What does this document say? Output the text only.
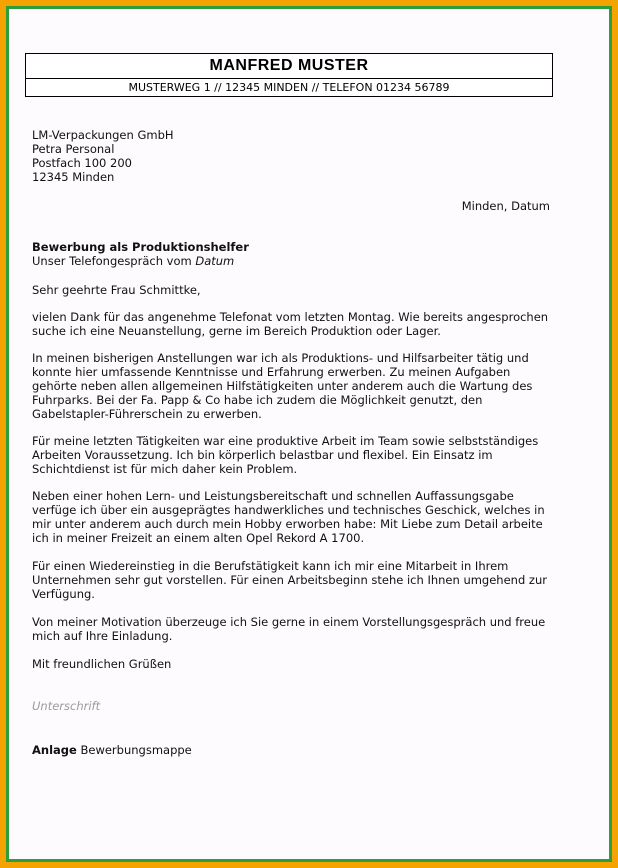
MANFRED MUSTER
MUSTERWEG 1 // 12345 MINDEN // TELEFON 01234 56789

LM-Verpackungen GmbH

Petra Personal

Postfach 100 200

12345 Minden

Minden, Datum

Bewerbung als Produktionshelfer

Unser Telefongespräch vom Datum

Sehr geehrte Frau Schmittke,

vielen Dank für das angenehme Telefonat vom letzten Montag. Wie bereits angesprochen

suche ich eine Neuanstellung, gerne im Bereich Produktion oder Lager.

In meinen bisherigen Anstellungen war ich als Produktions- und Hilfsarbeiter tätig und

konnte hier umfassende Kenntnisse und Erfahrung erwerben. Zu meinen Aufgaben

gehörte neben allen allgemeinen Hilfstätigkeiten unter anderem auch die Wartung des

Fuhrparks. Bei der Fa. Papp & Co habe ich zudem die Möglichkeit genutzt, den

Gabelstapler-Führerschein zu erwerben.

Für meine letzten Tätigkeiten war eine produktive Arbeit im Team sowie selbstständiges

Arbeiten Voraussetzung. Ich bin körperlich belastbar und flexibel. Ein Einsatz im

Schichtdienst ist für mich daher kein Problem.

Neben einer hohen Lern- und Leistungsbereitschaft und schnellen Auffassungsgabe

verfüge ich über ein ausgeprägtes handwerkliches und technisches Geschick, welches in

mir unter anderem auch durch mein Hobby erworben habe: Mit Liebe zum Detail arbeite

ich in meiner Freizeit an einem alten Opel Rekord A 1700.

Für einen Wiedereinstieg in die Berufstätigkeit kann ich mir eine Mitarbeit in Ihrem

Unternehmen sehr gut vorstellen. Für einen Arbeitsbeginn stehe ich Ihnen umgehend zur

Verfügung.

Von meiner Motivation überzeuge ich Sie gerne in einem Vorstellungsgespräch und freue

mich auf Ihre Einladung.

Mit freundlichen Grüßen
Unterschrift
Anlage Bewerbungsmappe
